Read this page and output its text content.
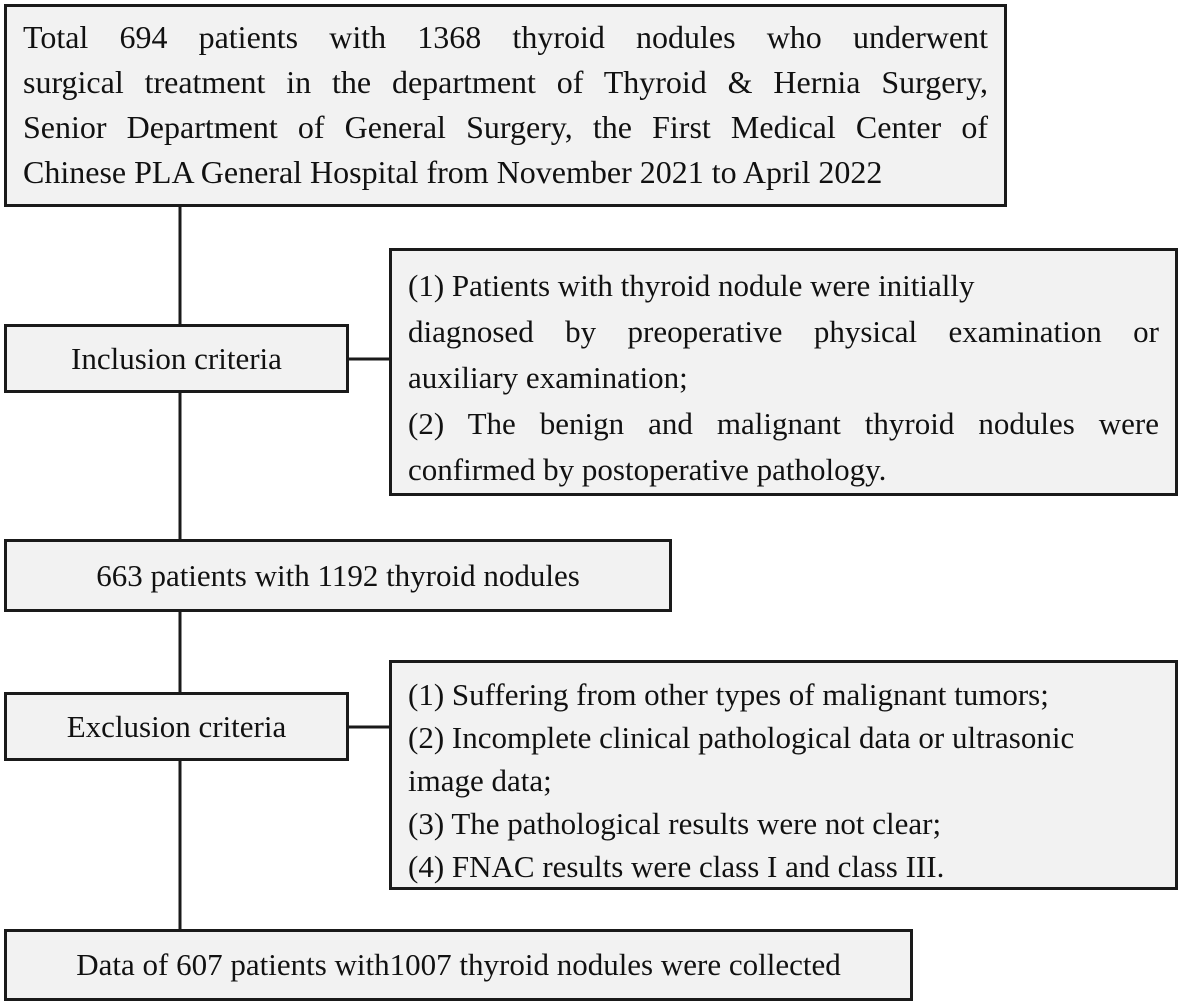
Total 694 patients with 1368 thyroid nodules who underwent
surgical treatment in the department of Thyroid & Hernia Surgery,
Senior Department of General Surgery, the First Medical Center of
Chinese PLA General Hospital from November 2021 to April 2022
Inclusion criteria
(1) Patients with thyroid nodule were initially
diagnosed by preoperative physical examination or
auxiliary examination;
(2) The benign and malignant thyroid nodules were
confirmed by postoperative pathology.
663 patients with 1192 thyroid nodules
Exclusion criteria
(1) Suffering from other types of malignant tumors;
(2) Incomplete clinical pathological data or ultrasonic
image data;
(3) The pathological results were not clear;
(4) FNAC results were class I and class III.
Data of 607 patients with1007 thyroid nodules were collected
